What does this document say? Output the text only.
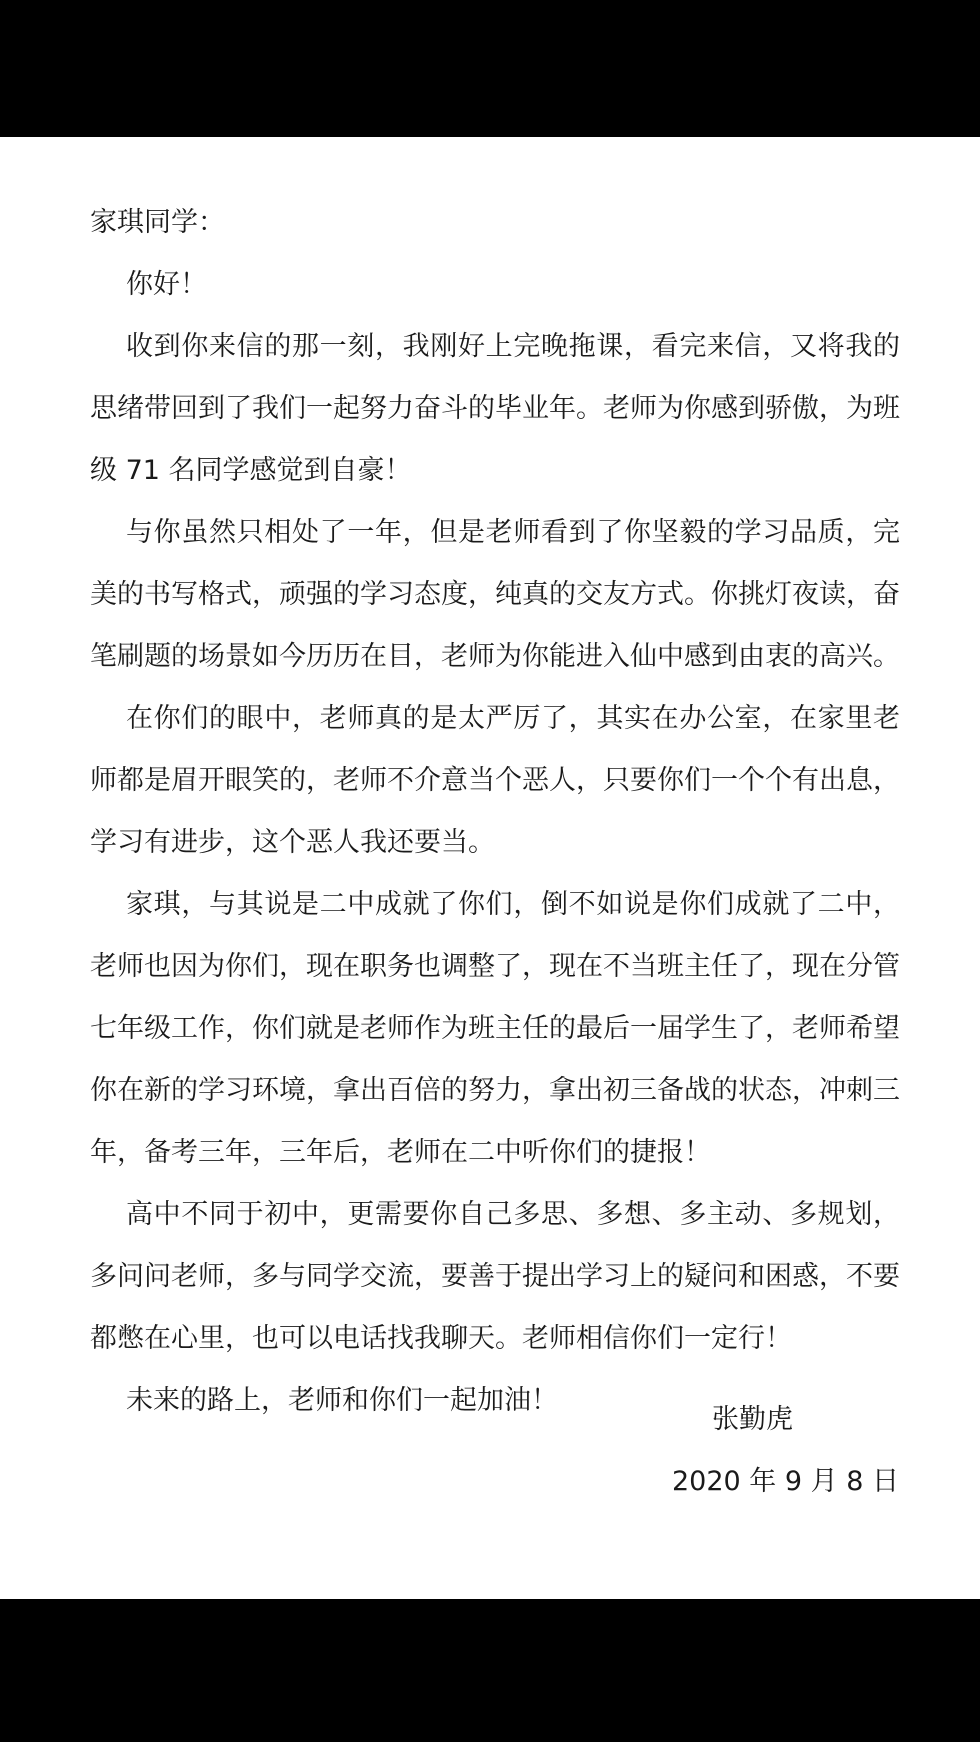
家琪同学：

你好！

收到你来信的那一刻，我刚好上完晚拖课，看完来信，又将我的思绪带回到了我们一起努力奋斗的毕业年。老师为你感到骄傲，为班级 71 名同学感觉到自豪！

与你虽然只相处了一年，但是老师看到了你坚毅的学习品质，完美的书写格式，顽强的学习态度，纯真的交友方式。你挑灯夜读，奋笔刷题的场景如今历历在目，老师为你能进入仙中感到由衷的高兴。

在你们的眼中，老师真的是太严厉了，其实在办公室，在家里老师都是眉开眼笑的，老师不介意当个恶人，只要你们一个个有出息，学习有进步，这个恶人我还要当。

家琪，与其说是二中成就了你们，倒不如说是你们成就了二中，老师也因为你们，现在职务也调整了，现在不当班主任了，现在分管七年级工作，你们就是老师作为班主任的最后一届学生了，老师希望你在新的学习环境，拿出百倍的努力，拿出初三备战的状态，冲刺三年，备考三年，三年后，老师在二中听你们的捷报！

高中不同于初中，更需要你自己多思、多想、多主动、多规划，多问问老师，多与同学交流，要善于提出学习上的疑问和困惑，不要都憋在心里，也可以电话找我聊天。老师相信你们一定行！

未来的路上，老师和你们一起加油！

张勤虎
2020 年 9 月 8 日
